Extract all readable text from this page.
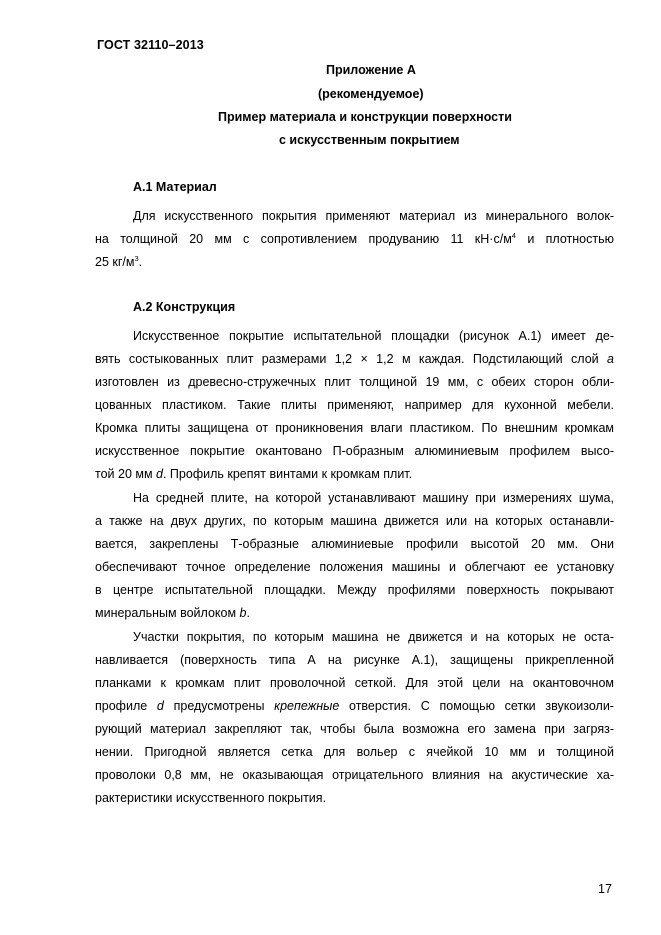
ГОСТ 32110–2013
Приложение А
(рекомендуемое)
Пример материала и конструкции поверхности
с искусственным покрытием
А.1 Материал
Для искусственного покрытия применяют материал из минерального волок-
на толщиной 20 мм с сопротивлением продуванию 11 $кН\cdot с/м^4$ и плотностью
25 $кг/м^3$.
А.2 Конструкция
Искусственное покрытие испытательной площадки (рисунок А.1) имеет де-
вять состыкованных плит размерами 1,2 × 1,2 м каждая. Подстилающий слой а
изготовлен из древесно-стружечных плит толщиной 19 мм, с обеих сторон обли-
цованных пластиком. Такие плиты применяют, например для кухонной мебели.
Кромка плиты защищена от проникновения влаги пластиком. По внешним кромкам
искусственное покрытие окантовано П-образным алюминиевым профилем высо-
той 20 мм d. Профиль крепят винтами к кромкам плит.
На средней плите, на которой устанавливают машину при измерениях шума,
а также на двух других, по которым машина движется или на которых останавли-
вается, закреплены Т-образные алюминиевые профили высотой 20 мм. Они
обеспечивают точное определение положения машины и облегчают ее установку
в центре испытательной площадки. Между профилями поверхность покрывают
минеральным войлоком b.
Участки покрытия, по которым машина не движется и на которых не оста-
навливается (поверхность типа А на рисунке А.1), защищены прикрепленной
планками к кромкам плит проволочной сеткой. Для этой цели на окантовочном
профиле d предусмотрены крепежные отверстия. С помощью сетки звукоизоли-
рующий материал закрепляют так, чтобы была возможна его замена при загряз-
нении. Пригодной является сетка для вольер с ячейкой 10 мм и толщиной
проволоки 0,8 мм, не оказывающая отрицательного влияния на акустические ха-
рактеристики искусственного покрытия.
17
